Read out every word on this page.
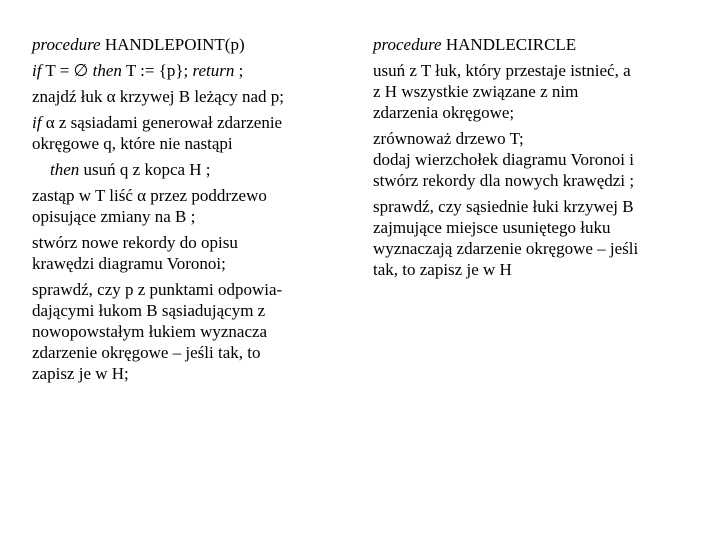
procedure HANDLEPOINT(p)
if T = ∅ then T := {p}; return ;
znajdź łuk α krzywej B leżący nad p;
if α z sąsiadami generował zdarzenie
okręgowe q, które nie nastąpi
then usuń q z kopca H ;
zastąp w T liść α przez poddrzewo
opisujące zmiany na B ;
stwórz nowe rekordy do opisu
krawędzi diagramu Voronoi;
sprawdź, czy p z punktami odpowia-
dającymi łukom B sąsiadującym z
nowopowstałym łukiem wyznacza
zdarzenie okręgowe – jeśli tak, to
zapisz je w H;
procedure HANDLECIRCLE
usuń z T łuk, który przestaje istnieć, a
z H wszystkie związane z nim
zdarzenia okręgowe;
zrównoważ drzewo T;
dodaj wierzchołek diagramu Voronoi i
stwórz rekordy dla nowych krawędzi ;
sprawdź, czy sąsiednie łuki krzywej B
zajmujące miejsce usuniętego łuku
wyznaczają zdarzenie okręgowe – jeśli
tak, to zapisz je w H
